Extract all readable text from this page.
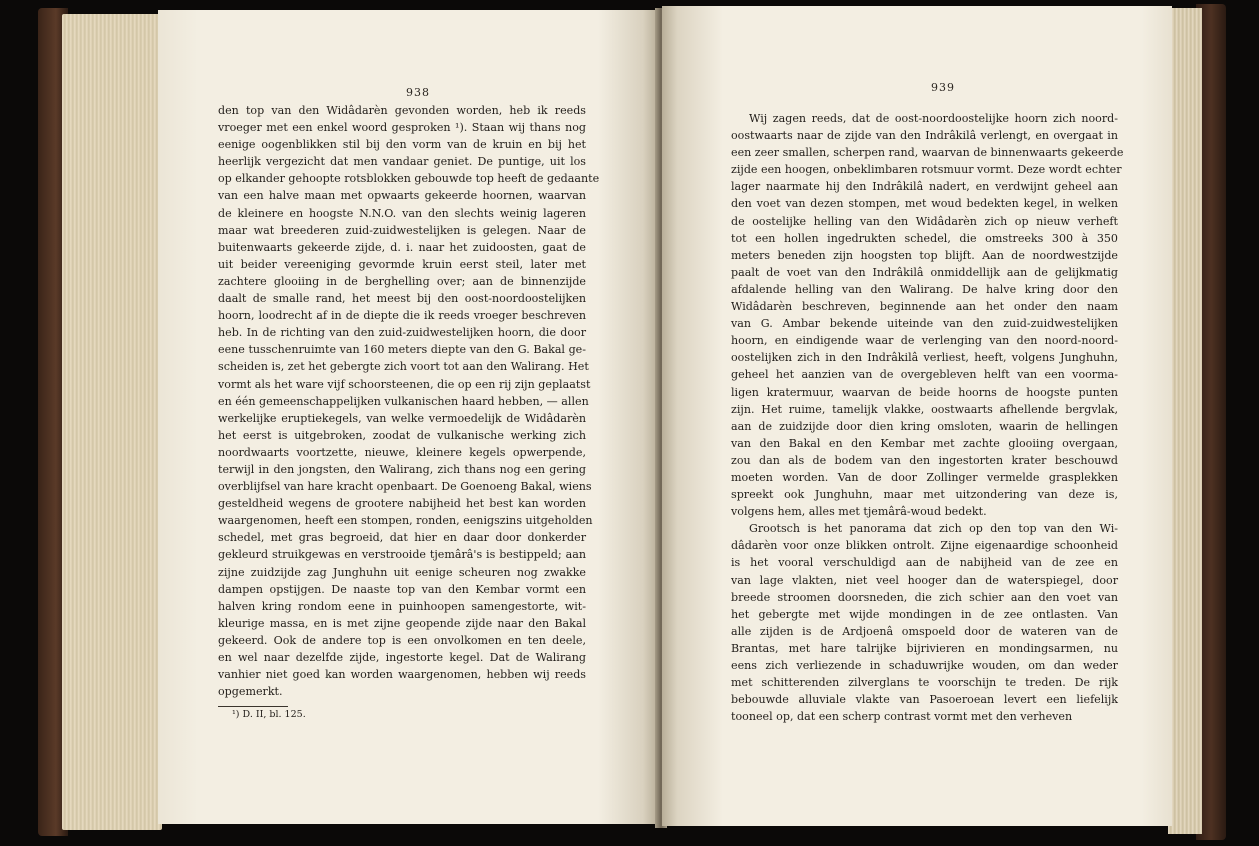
938
den top van den Widâdarèn gevonden worden, heb ik reeds
vroeger met een enkel woord gesproken ¹). Staan wij thans nog
eenige oogenblikken stil bij den vorm van de kruin en bij het
heerlijk vergezicht dat men vandaar geniet. De puntige, uit los
op elkander gehoopte rotsblokken gebouwde top heeft de gedaante
van een halve maan met opwaarts gekeerde hoornen, waarvan
de kleinere en hoogste N.N.O. van den slechts weinig lageren
maar wat breederen zuid-zuidwestelijken is gelegen. Naar de
buitenwaarts gekeerde zijde, d. i. naar het zuidoosten, gaat de
uit beider vereeniging gevormde kruin eerst steil, later met
zachtere glooiing in de berghelling over; aan de binnenzijde
daalt de smalle rand, het meest bij den oost-noordoostelijken
hoorn, loodrecht af in de diepte die ik reeds vroeger beschreven
heb. In de richting van den zuid-zuidwestelijken hoorn, die door
eene tusschenruimte van 160 meters diepte van den G. Bakal ge-
scheiden is, zet het gebergte zich voort tot aan den Walirang. Het
vormt als het ware vijf schoorsteenen, die op een rij zijn geplaatst
en één gemeenschappelijken vulkanischen haard hebben, — allen
werkelijke eruptiekegels, van welke vermoedelijk de Widâdarèn
het eerst is uitgebroken, zoodat de vulkanische werking zich
noordwaarts voortzette, nieuwe, kleinere kegels opwerpende,
terwijl in den jongsten, den Walirang, zich thans nog een gering
overblijfsel van hare kracht openbaart. De Goenoeng Bakal, wiens
gesteldheid wegens de grootere nabijheid het best kan worden
waargenomen, heeft een stompen, ronden, eenigszins uitgeholden
schedel, met gras begroeid, dat hier en daar door donkerder
gekleurd struikgewas en verstrooide tjemârâ's is bestippeld; aan
zijne zuidzijde zag Junghuhn uit eenige scheuren nog zwakke
dampen opstijgen. De naaste top van den Kembar vormt een
halven kring rondom eene in puinhoopen samengestorte, wit-
kleurige massa, en is met zijne geopende zijde naar den Bakal
gekeerd. Ook de andere top is een onvolkomen en ten deele,
en wel naar dezelfde zijde, ingestorte kegel. Dat de Walirang
vanhier niet goed kan worden waargenomen, hebben wij reeds
opgemerkt.
¹) D. II, bl. 125.
939
Wij zagen reeds, dat de oost-noordoostelijke hoorn zich noord-
oostwaarts naar de zijde van den Indrâkilâ verlengt, en overgaat in
een zeer smallen, scherpen rand, waarvan de binnenwaarts gekeerde
zijde een hoogen, onbeklimbaren rotsmuur vormt. Deze wordt echter
lager naarmate hij den Indrâkilâ nadert, en verdwijnt geheel aan
den voet van dezen stompen, met woud bedekten kegel, in welken
de oostelijke helling van den Widâdarèn zich op nieuw verheft
tot een hollen ingedrukten schedel, die omstreeks 300 à 350
meters beneden zijn hoogsten top blijft. Aan de noordwestzijde
paalt de voet van den Indrâkilâ onmiddellijk aan de gelijkmatig
afdalende helling van den Walirang. De halve kring door den
Widâdarèn beschreven, beginnende aan het onder den naam
van G. Ambar bekende uiteinde van den zuid-zuidwestelijken
hoorn, en eindigende waar de verlenging van den noord-noord-
oostelijken zich in den Indrâkilâ verliest, heeft, volgens Junghuhn,
geheel het aanzien van de overgebleven helft van een voorma-
ligen kratermuur, waarvan de beide hoorns de hoogste punten
zijn. Het ruime, tamelijk vlakke, oostwaarts afhellende bergvlak,
aan de zuidzijde door dien kring omsloten, waarin de hellingen
van den Bakal en den Kembar met zachte glooiing overgaan,
zou dan als de bodem van den ingestorten krater beschouwd
moeten worden. Van de door Zollinger vermelde grasplekken
spreekt ook Junghuhn, maar met uitzondering van deze is,
volgens hem, alles met tjemârâ-woud bedekt.
Grootsch is het panorama dat zich op den top van den Wi-
dâdarèn voor onze blikken ontrolt. Zijne eigenaardige schoonheid
is het vooral verschuldigd aan de nabijheid van de zee en
van lage vlakten, niet veel hooger dan de waterspiegel, door
breede stroomen doorsneden, die zich schier aan den voet van
het gebergte met wijde mondingen in de zee ontlasten. Van
alle zijden is de Ardjoenâ omspoeld door de wateren van de
Brantas, met hare talrijke bijrivieren en mondingsarmen, nu
eens zich verliezende in schaduwrijke wouden, om dan weder
met schitterenden zilverglans te voorschijn te treden. De rijk
bebouwde alluviale vlakte van Pasoeroean levert een liefelijk
tooneel op, dat een scherp contrast vormt met den verheven
